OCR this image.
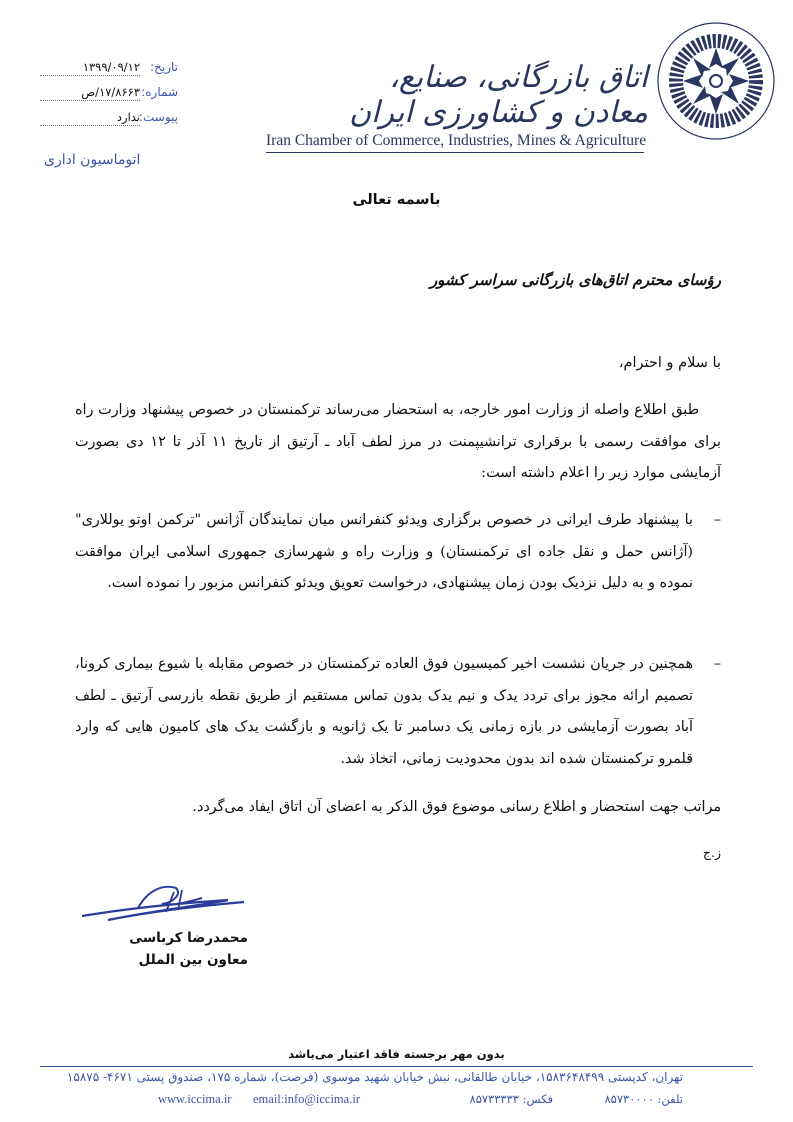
اتاق بازرگانی، صنایع، معادن و کشاورزی ایران
Iran Chamber of Commerce, Industries, Mines & Agriculture
تاریخ:
۱۳۹۹/۰۹/۱۲
شماره:
۱۷/۸۶۶۳/ص
پیوست:
ندارد
اتوماسیون اداری
باسمه تعالی
رؤسای محترم اتاق‌های بازرگانی سراسر کشور
با سلام و احترام،
طبق اطلاع واصله از وزارت امور خارجه، به استحضار می‌رساند ترکمنستان در خصوص پیشنهاد وزارت راه برای موافقت رسمی با برقراری ترانشیپمنت در مرز لطف آباد ـ آرتیق از تاریخ ۱۱ آذر تا ۱۲ دی بصورت آزمایشی موارد زیر را اعلام داشته است:
–
با پیشنهاد طرف ایرانی در خصوص برگزاری ویدئو کنفرانس میان نمایندگان آژانس "ترکمن اوتو یوللاری" (آژانس حمل و نقل جاده ای ترکمنستان) و وزارت راه و شهرسازی جمهوری اسلامی ایران موافقت نموده و به دلیل نزدیک بودن زمان پیشنهادی، درخواست تعویق ویدئو کنفرانس مزبور را نموده است.
–
همچنین در جریان نشست اخیر کمیسیون فوق العاده ترکمنستان در خصوص مقابله با شیوع بیماری کرونا، تصمیم ارائه مجوز برای تردد یدک و نیم یدک بدون تماس مستقیم از طریق نقطه بازرسی آرتیق ـ لطف آباد بصورت آزمایشی در بازه زمانی یک دسامبر تا یک ژانویه و بازگشت یدک های کامیون هایی که وارد قلمرو ترکمنستان شده اند بدون محدودیت زمانی، اتخاذ شد.
مراتب جهت استحضار و اطلاع رسانی موضوع فوق الذکر به اعضای آن اتاق ایفاد می‌گردد.
ز.ج
محمدرضا کرباسی
معاون بین الملل
بدون مهر برجسته فاقد اعتبار می‌باشد
تهران، کدپستی ۱۵۸۳۶۴۸۴۹۹، خیابان طالقانی، نبش خیابان شهید موسوی (فرصت)، شماره ۱۷۵، صندوق پستی ۴۶۷۱- ۱۵۸۷۵
تلفن: ۸۵۷۳۰۰۰۰
فکس: ۸۵۷۳۳۳۳۳
email:info@iccima.ir
www.iccima.ir
